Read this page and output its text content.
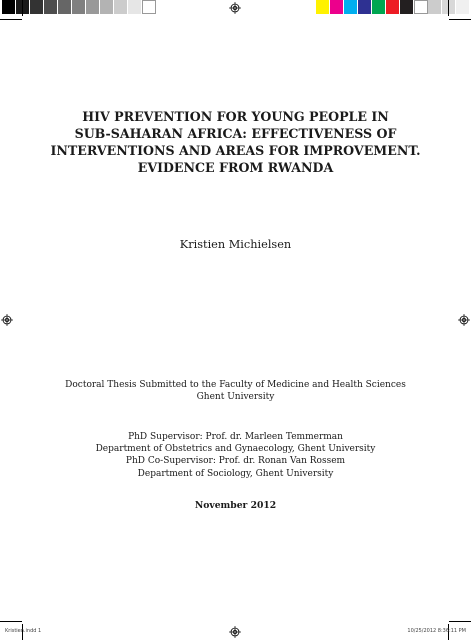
HIV PREVENTION FOR YOUNG PEOPLE IN
SUB-SAHARAN AFRICA: EFFECTIVENESS OF
INTERVENTIONS AND AREAS FOR IMPROVEMENT.
EVIDENCE FROM RWANDA
Kristien Michielsen
Doctoral Thesis Submitted to the Faculty of Medicine and Health Sciences
Ghent University
PhD Supervisor: Prof. dr. Marleen Temmerman
Department of Obstetrics and Gynaecology, Ghent University
PhD Co-Supervisor: Prof. dr. Ronan Van Rossem
Department of Sociology, Ghent University
November 2012
Kristien.indd 1	10/25/2012 8:36:11 PM
